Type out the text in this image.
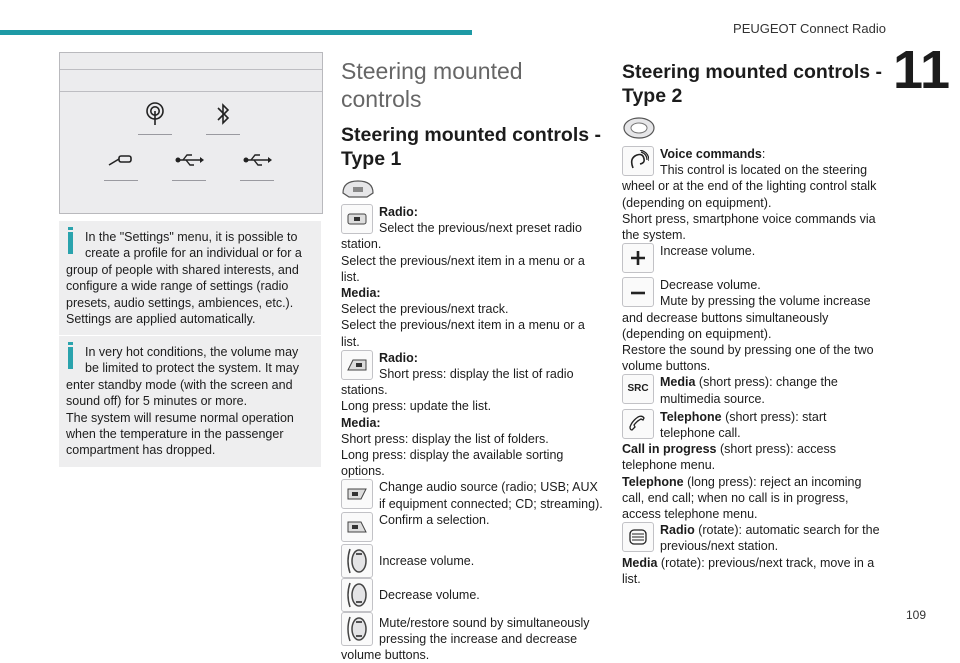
PEUGEOT Connect Radio
11
109
In the "Settings" menu, it is possible to create a profile for an individual or for a group of people with shared interests, and configure a wide range of settings (radio presets, audio settings, ambiences, etc.). Settings are applied automatically.
In very hot conditions, the volume may be limited to protect the system. It may enter standby mode (with the screen and sound off) for 5 minutes or more.
The system will resume normal operation when the temperature in the passenger compartment has dropped.
Steering mounted controls
Steering mounted controls - Type 1

Radio:

Select the previous/next preset radio station.

Select the previous/next item in a menu or a list.

Media:

Select the previous/next track.

Select the previous/next item in a menu or a list.

Radio:

Short press: display the list of radio stations.

Long press: update the list.

Media:

Short press: display the list of folders.

Long press: display the available sorting options.

Change audio source (radio; USB; AUX if equipment connected; CD; streaming).

Confirm a selection.

Increase volume.

Decrease volume.

Mute/restore sound by simultaneously pressing the increase and decrease volume buttons.

Steering mounted controls - Type 2

Voice commands:

This control is located on the steering wheel or at the end of the lighting control stalk (depending on equipment).

Short press, smartphone voice commands via the system.

Increase volume.

Decrease volume.

Mute by pressing the volume increase and decrease buttons simultaneously (depending on equipment).

Restore the sound by pressing one of the two volume buttons.

SRC Media (short press): change the multimedia source.

Telephone (short press): start telephone call.

Call in progress (short press): access telephone menu.

Telephone (long press): reject an incoming call, end call; when no call is in progress, access telephone menu.

Radio (rotate): automatic search for the previous/next station.

Media (rotate): previous/next track, move in a list.
